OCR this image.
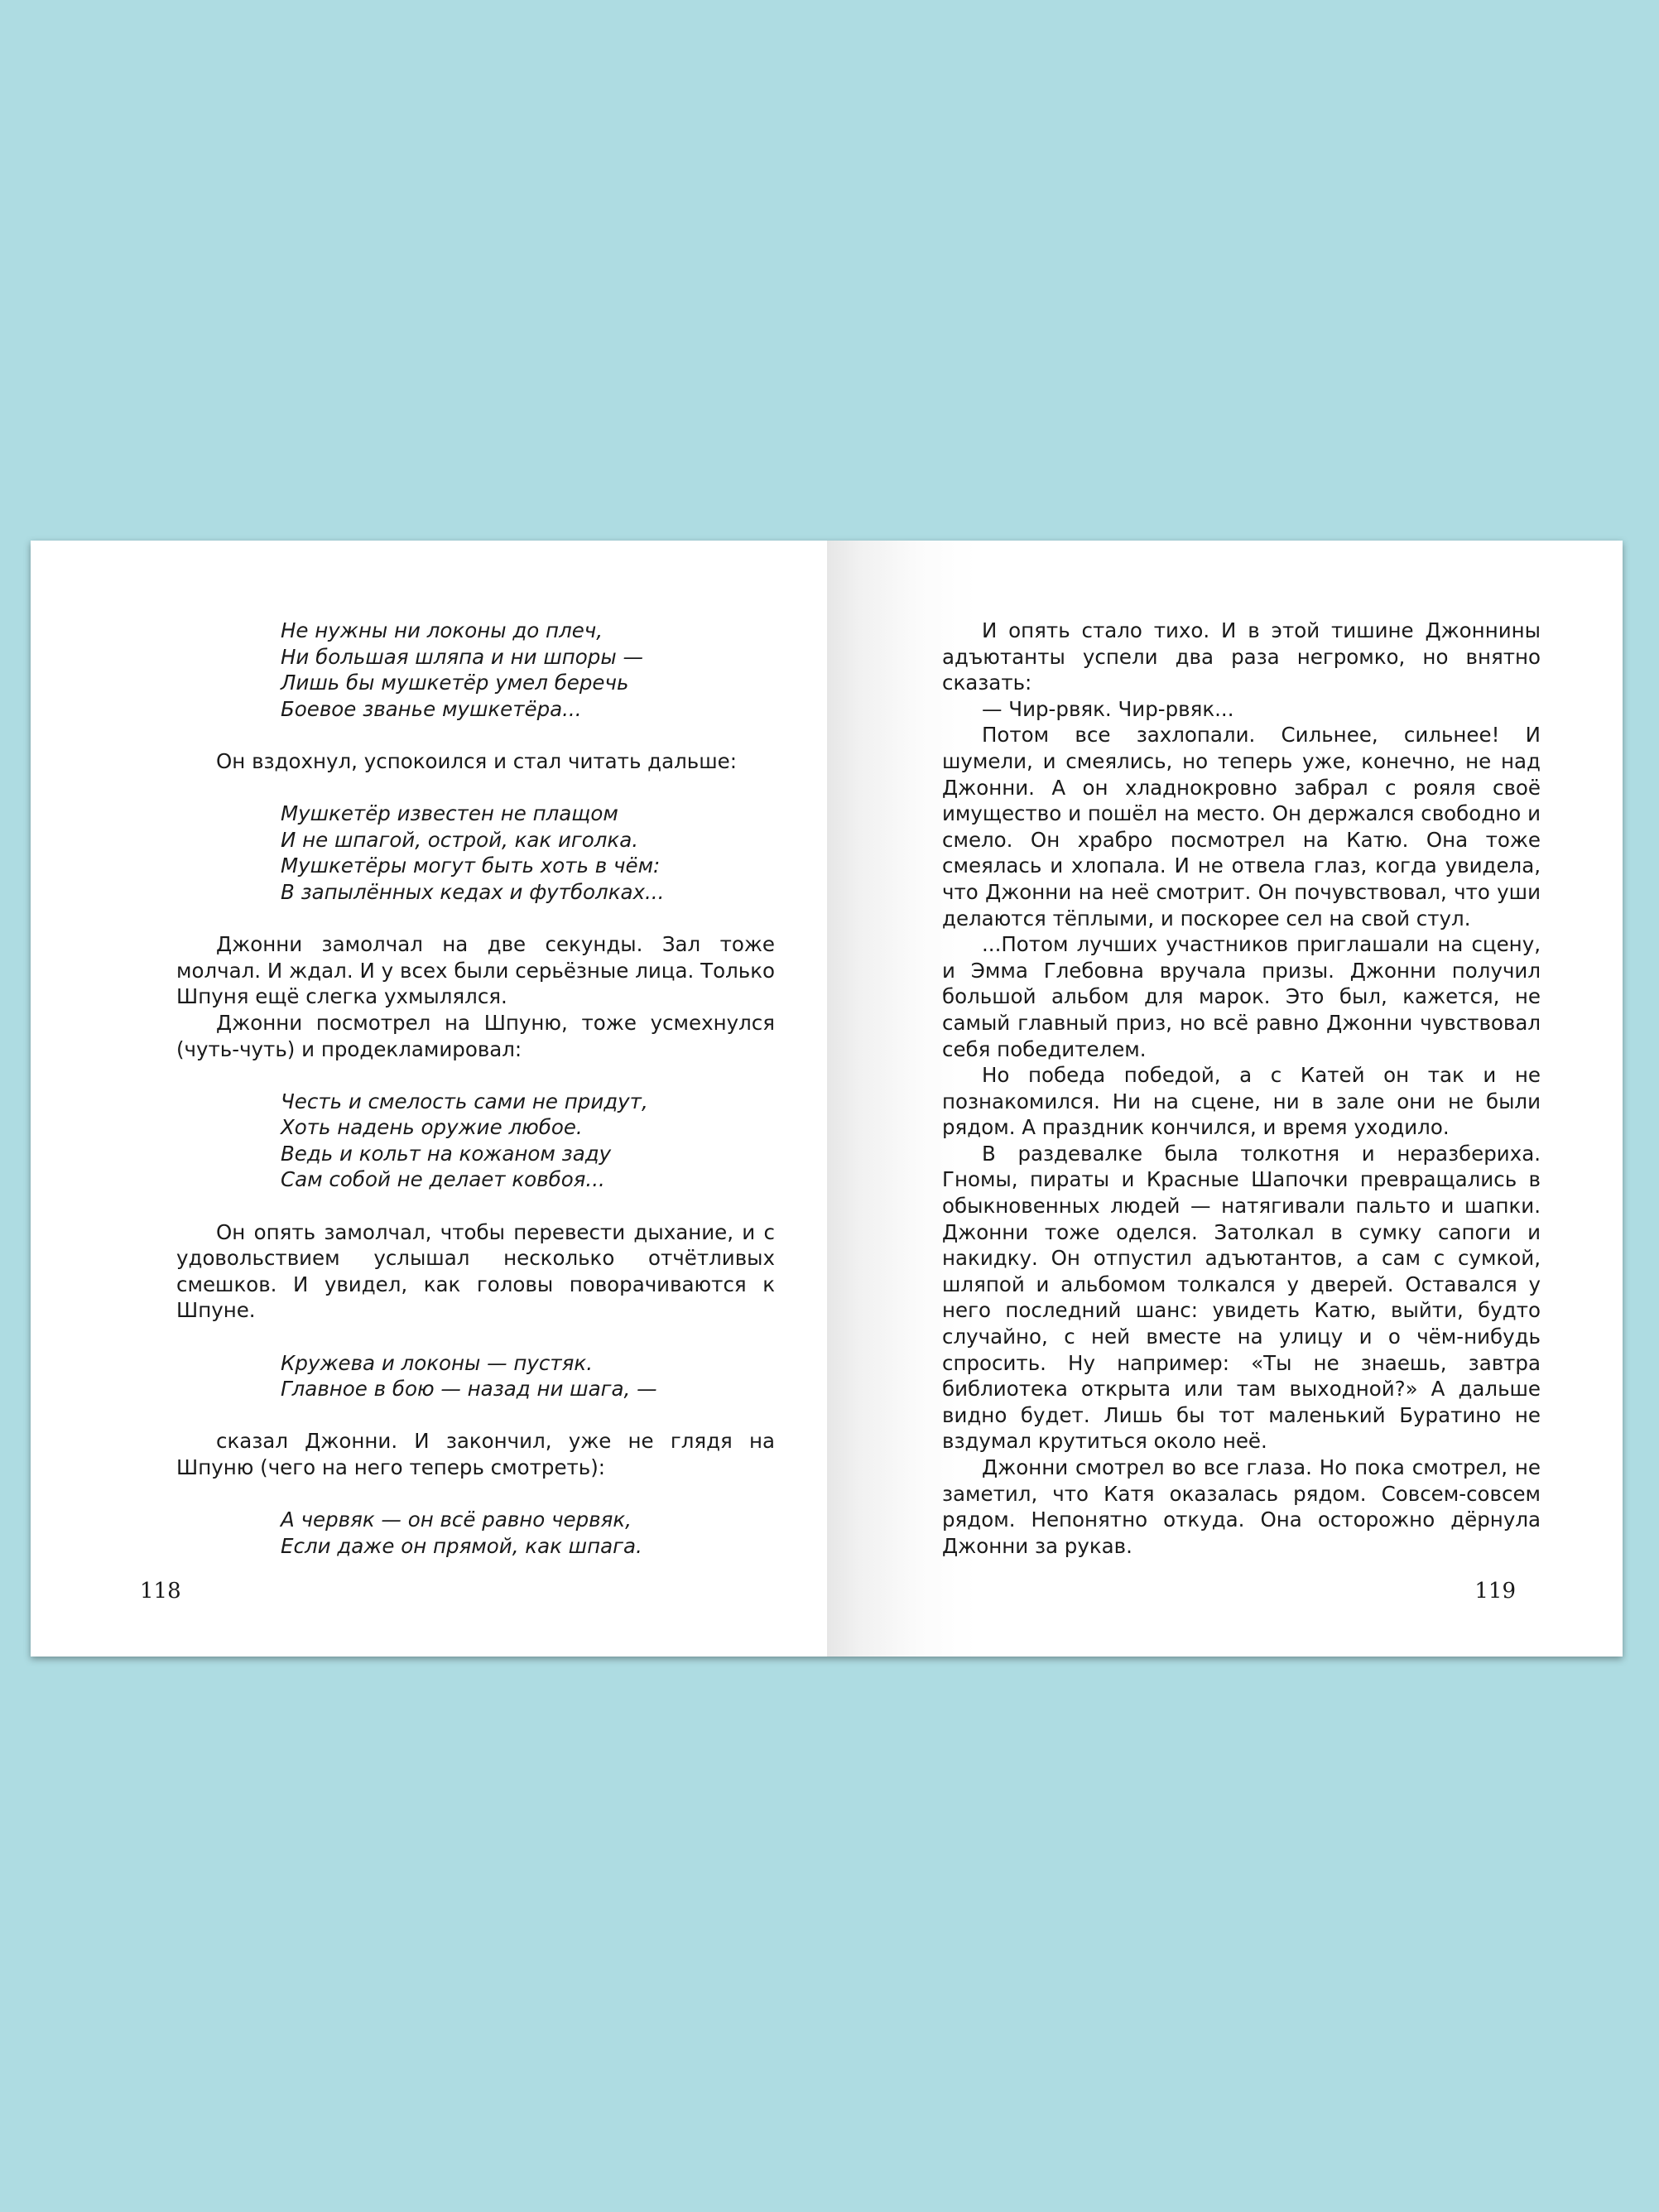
Не нужны ни локоны до плеч,
Ни большая шляпа и ни шпоры —
Лишь бы мушкетёр умел беречь
Боевое званье мушкетёра...

Он вздохнул, успокоился и стал читать дальше:

Мушкетёр известен не плащом
И не шпагой, острой, как иголка.
Мушкетёры могут быть хоть в чём:
В запылённых кедах и футболках...

Джонни замолчал на две секунды. Зал тоже молчал. И ждал. И у всех были серьёзные лица. Только Шпуня ещё слегка ухмылялся.

Джонни посмотрел на Шпуню, тоже усмехнулся (чуть-чуть) и продекламировал:

Честь и смелость сами не придут,
Хоть надень оружие любое.
Ведь и кольт на кожаном заду
Сам собой не делает ковбоя...

Он опять замолчал, чтобы перевести дыхание, и с удовольствием услышал несколько отчётливых смешков. И увидел, как головы поворачиваются к Шпуне.

Кружева и локоны — пустяк.
Главное в бою — назад ни шага, —

сказал Джонни. И закончил, уже не глядя на Шпуню (чего на него теперь смотреть):

А червяк — он всё равно червяк,
Если даже он прямой, как шпага.
118

И опять стало тихо. И в этой тишине Джоннины адъютанты успели два раза негромко, но внятно сказать:

— Чир-рвяк. Чир-рвяк...

Потом все захлопали. Сильнее, сильнее! И шумели, и смеялись, но теперь уже, конечно, не над Джонни. А он хладнокровно забрал с рояля своё имущество и пошёл на место. Он держался свободно и смело. Он храбро посмотрел на Катю. Она тоже смеялась и хлопала. И не отвела глаз, когда увидела, что Джонни на неё смотрит. Он почувствовал, что уши делаются тёплыми, и поскорее сел на свой стул.

...Потом лучших участников приглашали на сцену, и Эмма Глебовна вручала призы. Джонни получил большой альбом для марок. Это был, кажется, не самый главный приз, но всё равно Джонни чувствовал себя победителем.

Но победа победой, а с Катей он так и не познакомился. Ни на сцене, ни в зале они не были рядом. А праздник кончился, и время уходило.

В раздевалке была толкотня и неразбериха. Гномы, пираты и Красные Шапочки превращались в обыкновенных людей — натягивали пальто и шапки. Джонни тоже оделся. Затолкал в сумку сапоги и накидку. Он отпустил адъютантов, а сам с сумкой, шляпой и альбомом толкался у дверей. Оставался у него последний шанс: увидеть Катю, выйти, будто случайно, с ней вместе на улицу и о чём-нибудь спросить. Ну например: «Ты не знаешь, завтра библиотека открыта или там выходной?» А дальше видно будет. Лишь бы тот маленький Буратино не вздумал крутиться около неё.

Джонни смотрел во все глаза. Но пока смотрел, не заметил, что Катя оказалась рядом. Совсем-совсем рядом. Непонятно откуда. Она осторожно дёрнула Джонни за рукав.

119
